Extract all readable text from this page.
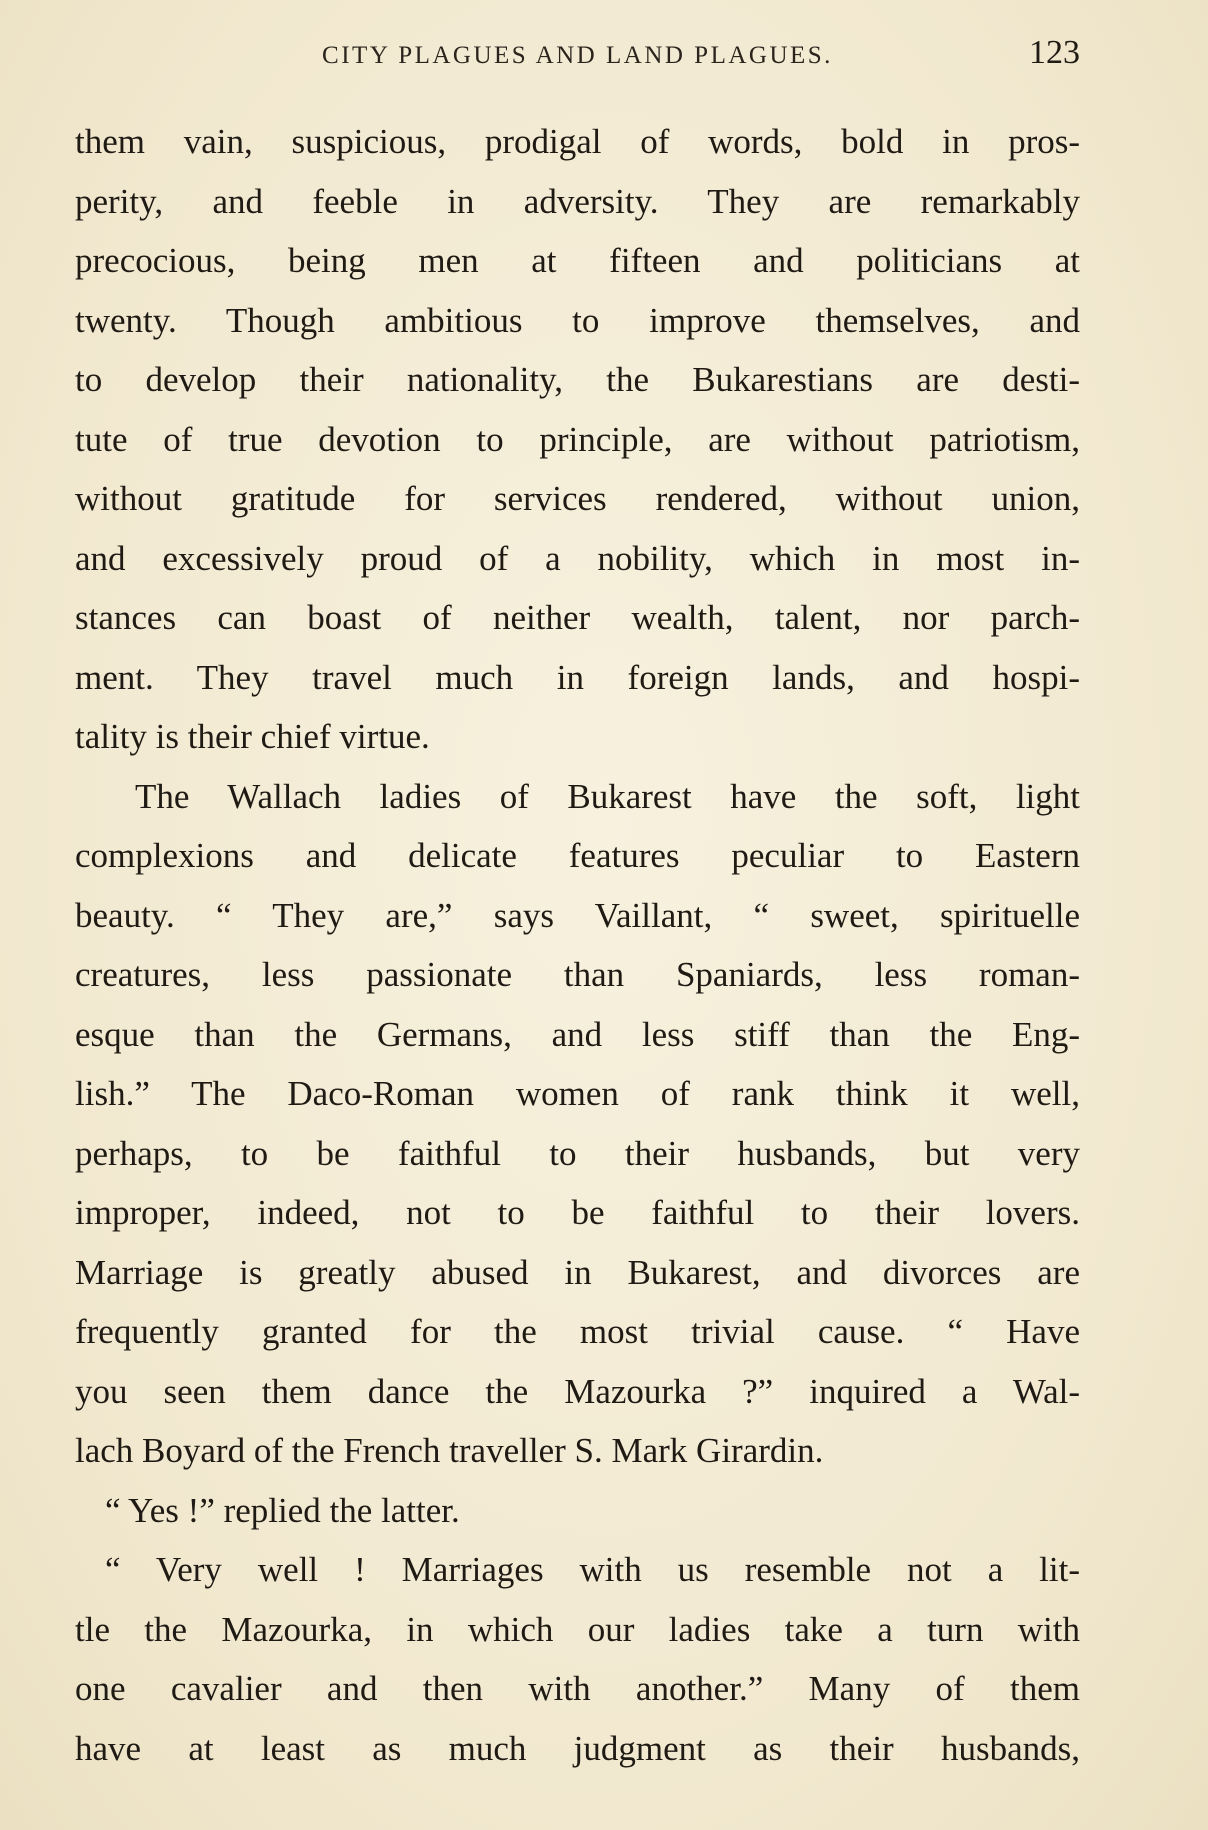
CITY PLAGUES AND LAND PLAGUES.	123
them vain, suspicious, prodigal of words, bold in pros-
perity, and feeble in adversity. They are remarkably
precocious, being men at fifteen and politicians at
twenty. Though ambitious to improve themselves, and
to develop their nationality, the Bukarestians are desti-
tute of true devotion to principle, are without patriotism,
without gratitude for services rendered, without union,
and excessively proud of a nobility, which in most in-
stances can boast of neither wealth, talent, nor parch-
ment. They travel much in foreign lands, and hospi-
tality is their chief virtue.
The Wallach ladies of Bukarest have the soft, light
complexions and delicate features peculiar to Eastern
beauty. “ They are,” says Vaillant, “ sweet, spirituelle
creatures, less passionate than Spaniards, less roman-
esque than the Germans, and less stiff than the Eng-
lish.” The Daco-Roman women of rank think it well,
perhaps, to be faithful to their husbands, but very
improper, indeed, not to be faithful to their lovers.
Marriage is greatly abused in Bukarest, and divorces are
frequently granted for the most trivial cause. “ Have
you seen them dance the Mazourka ?” inquired a Wal-
lach Boyard of the French traveller S. Mark Girardin.
“ Yes !” replied the latter.
“ Very well ! Marriages with us resemble not a lit-
tle the Mazourka, in which our ladies take a turn with
one cavalier and then with another.” Many of them
have at least as much judgment as their husbands,
